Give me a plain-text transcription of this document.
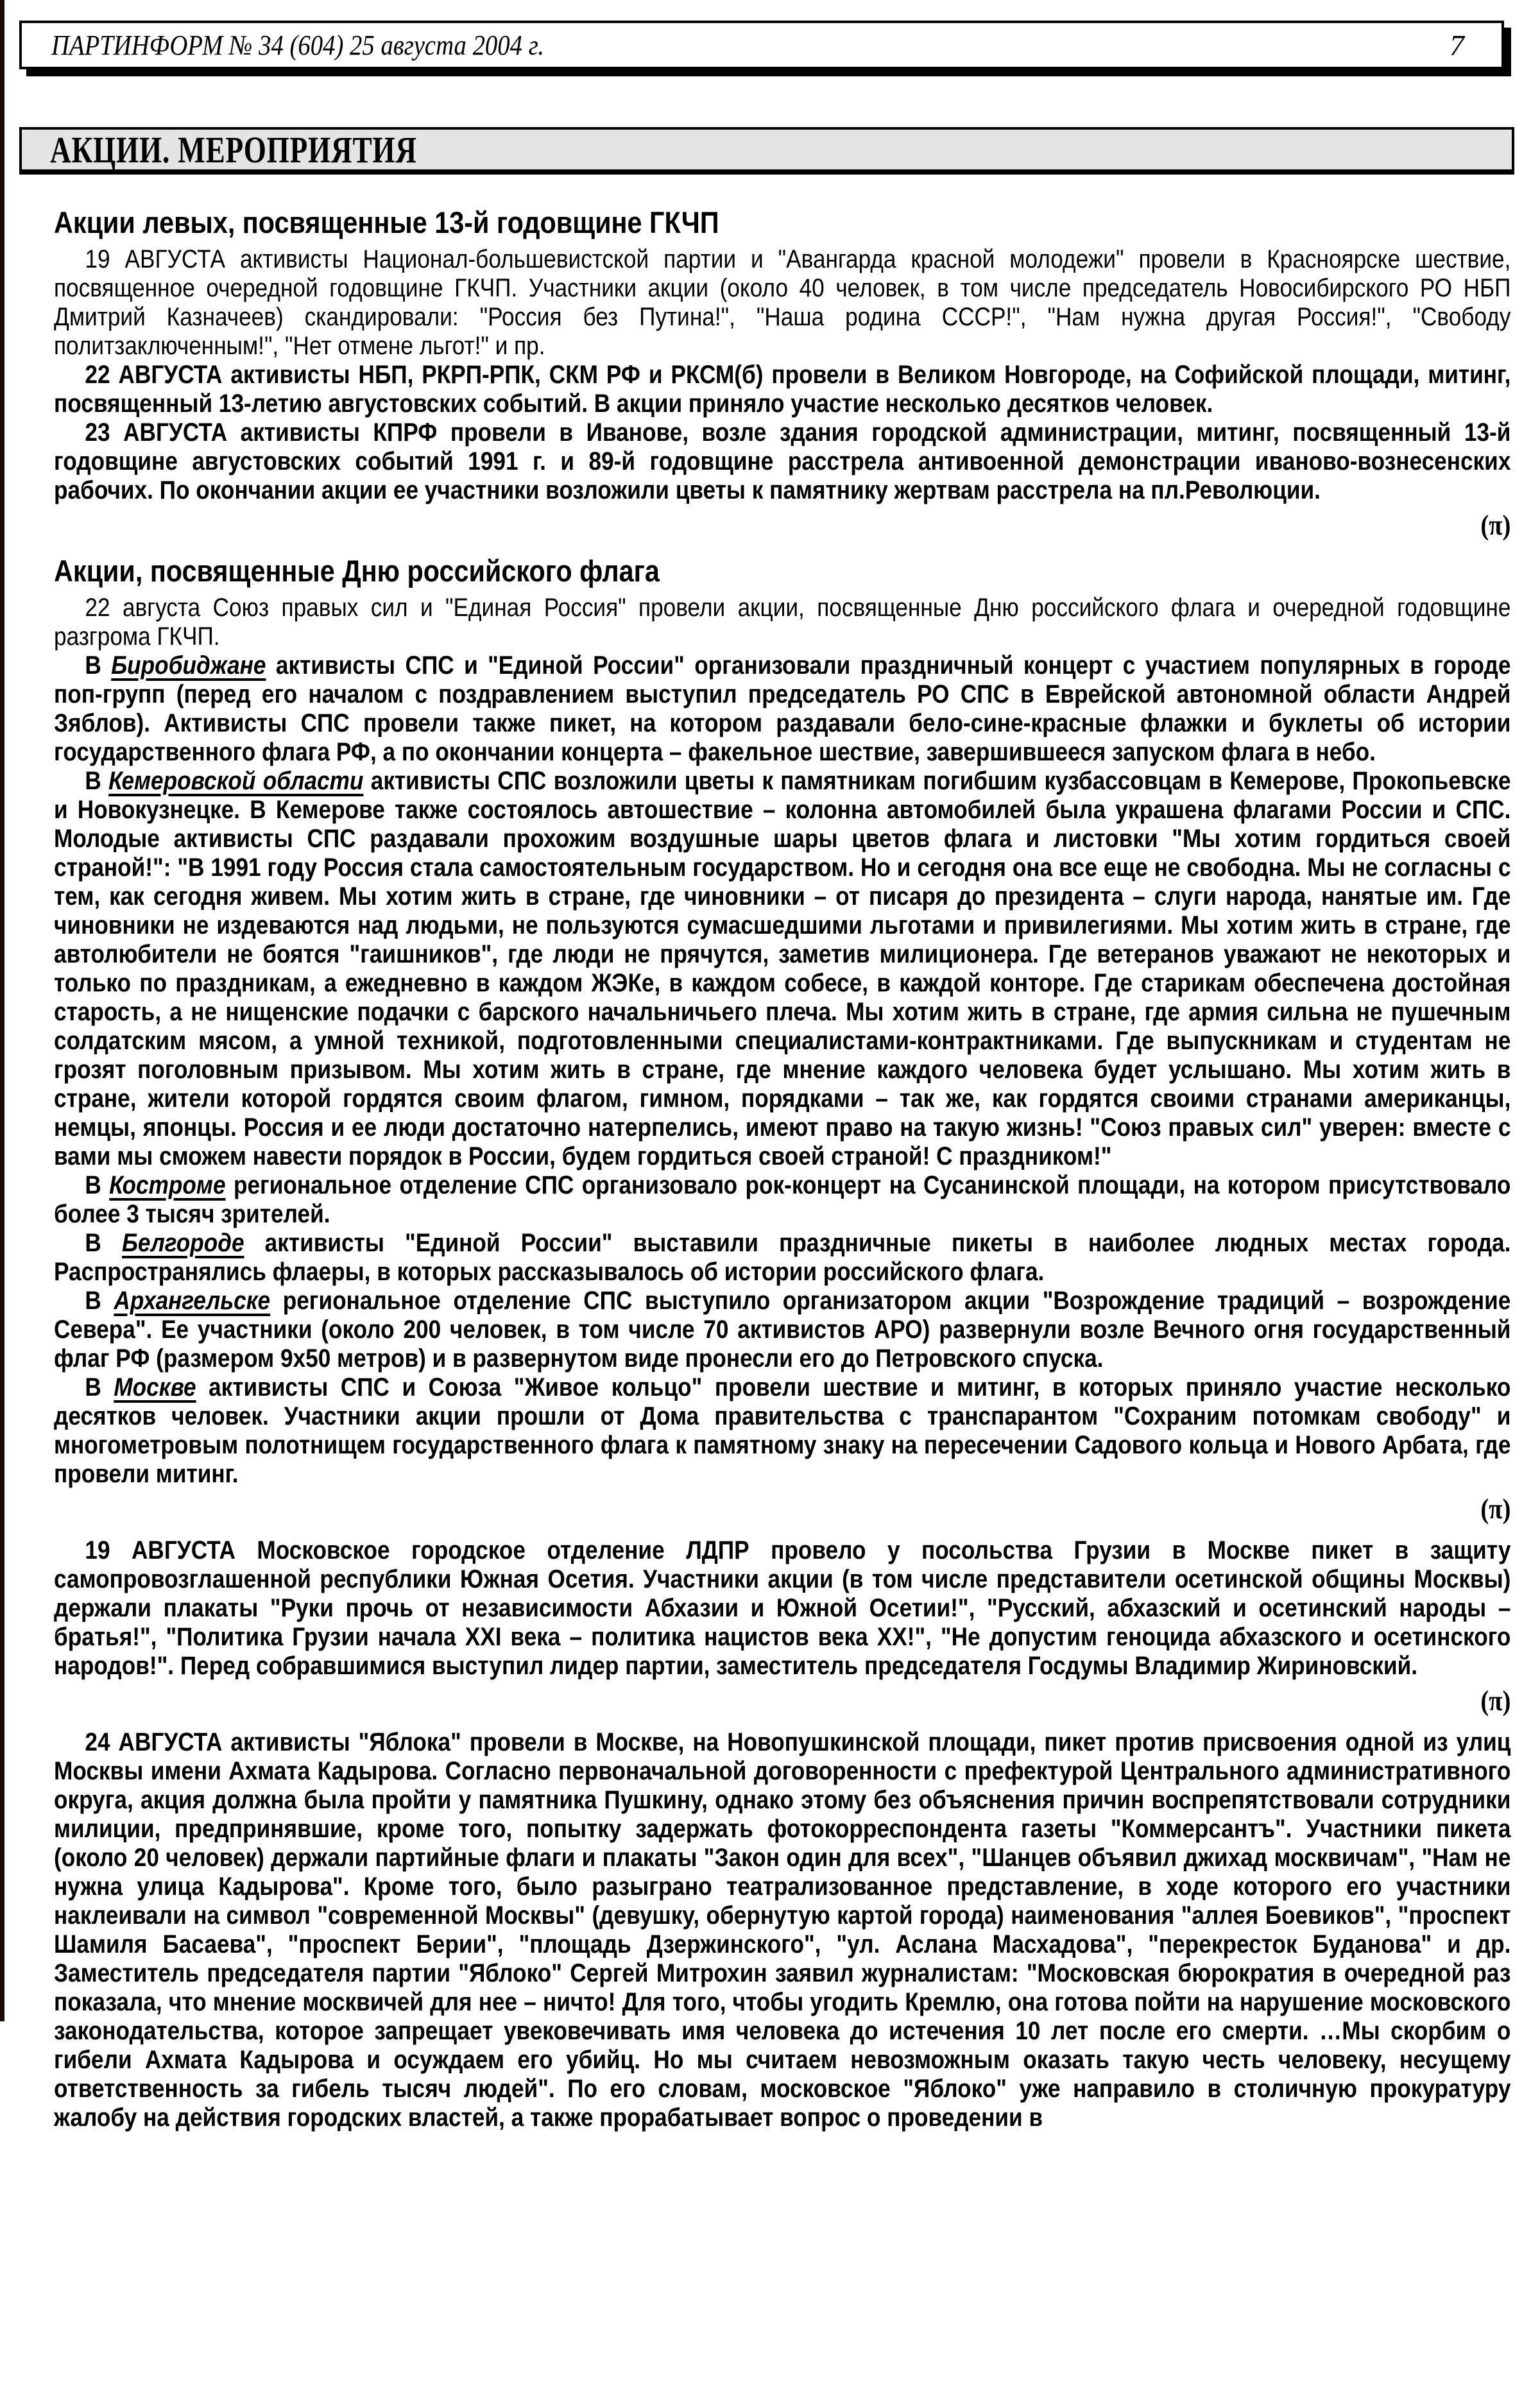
ПАРТИНФОРМ № 34 (604) 25 августа 2004 г.	7
АКЦИИ. МЕРОПРИЯТИЯ
Акции левых, посвященные 13-й годовщине ГКЧП

19 АВГУСТА активисты Национал-большевистской партии и "Авангарда красной молодежи" провели в Красноярске шествие, посвященное очередной годовщине ГКЧП. Участники акции (около 40 человек, в том числе председатель Новосибирского РО НБП Дмитрий Казначеев) скандировали: "Россия без Путина!", "Наша родина СССР!", "Нам нужна другая Россия!", "Свободу политзаключенным!", "Нет отмене льгот!" и пр.

22 АВГУСТА активисты НБП, РКРП-РПК, СКМ РФ и РКСМ(б) провели в Великом Новгороде, на Софийской площади, митинг, посвященный 13-летию августовских событий. В акции приняло участие несколько десятков человек.

23 АВГУСТА активисты КПРФ провели в Иванове, возле здания городской администрации, митинг, посвященный 13-й годовщине августовских событий 1991 г. и 89-й годовщине расстрела антивоенной демонстрации иваново-вознесенских рабочих. По окончании акции ее участники возложили цветы к памятнику жертвам расстрела на пл.Революции.

(π)
Акции, посвященные Дню российского флага

22 августа Союз правых сил и "Единая Россия" провели акции, посвященные Дню российского флага и очередной годовщине разгрома ГКЧП.

В Биробиджане активисты СПС и "Единой России" организовали праздничный концерт с участием популярных в городе поп-групп (перед его началом с поздравлением выступил председатель РО СПС в Еврейской автономной области Андрей Зяблов). Активисты СПС провели также пикет, на котором раздавали бело-сине-красные флажки и буклеты об истории государственного флага РФ, а по окончании концерта – факельное шествие, завершившееся запуском флага в небо.

В Кемеровской области активисты СПС возложили цветы к памятникам погибшим кузбассовцам в Кемерове, Прокопьевске и Новокузнецке. В Кемерове также состоялось автошествие – колонна автомобилей была украшена флагами России и СПС. Молодые активисты СПС раздавали прохожим воздушные шары цветов флага и листовки "Мы хотим гордиться своей страной!": "В 1991 году Россия стала самостоятельным государством. Но и сегодня она все еще не свободна. Мы не согласны с тем, как сегодня живем. Мы хотим жить в стране, где чиновники – от писаря до президента – слуги народа, нанятые им. Где чиновники не издеваются над людьми, не пользуются сумасшедшими льготами и привилегиями. Мы хотим жить в стране, где автолюбители не боятся "гаишников", где люди не прячутся, заметив милиционера. Где ветеранов уважают не некоторых и только по праздникам, а ежедневно в каждом ЖЭКе, в каждом собесе, в каждой конторе. Где старикам обеспечена достойная старость, а не нищенские подачки с барского начальничьего плеча. Мы хотим жить в стране, где армия сильна не пушечным солдатским мясом, а умной техникой, подготовленными специалистами-контрактниками. Где выпускникам и студентам не грозят поголовным призывом. Мы хотим жить в стране, где мнение каждого человека будет услышано. Мы хотим жить в стране, жители которой гордятся своим флагом, гимном, порядками – так же, как гордятся своими странами американцы, немцы, японцы. Россия и ее люди достаточно натерпелись, имеют право на такую жизнь! "Союз правых сил" уверен: вместе с вами мы сможем навести порядок в России, будем гордиться своей страной! С праздником!"

В Костроме региональное отделение СПС организовало рок-концерт на Сусанинской площади, на котором присутствовало более 3 тысяч зрителей.

В Белгороде активисты "Единой России" выставили праздничные пикеты в наиболее людных местах города. Распространялись флаеры, в которых рассказывалось об истории российского флага.

В Архангельске региональное отделение СПС выступило организатором акции "Возрождение традиций – возрождение Севера". Ее участники (около 200 человек, в том числе 70 активистов АРО) развернули возле Вечного огня государственный флаг РФ (размером 9х50 метров) и в развернутом виде пронесли его до Петровского спуска.

В Москве активисты СПС и Союза "Живое кольцо" провели шествие и митинг, в которых приняло участие несколько десятков человек. Участники акции прошли от Дома правительства с транспарантом "Сохраним потомкам свободу" и многометровым полотнищем государственного флага к памятному знаку на пересечении Садового кольца и Нового Арбата, где провели митинг.

(π)

19 АВГУСТА Московское городское отделение ЛДПР провело у посольства Грузии в Москве пикет в защиту самопровозглашенной республики Южная Осетия. Участники акции (в том числе представители осетинской общины Москвы) держали плакаты "Руки прочь от независимости Абхазии и Южной Осетии!", "Русский, абхазский и осетинский народы – братья!", "Политика Грузии начала XXI века – политика нацистов века XX!", "Не допустим геноцида абхазского и осетинского народов!". Перед собравшимися выступил лидер партии, заместитель председателя Госдумы Владимир Жириновский.

(π)

24 АВГУСТА активисты "Яблока" провели в Москве, на Новопушкинской площади, пикет против присвоения одной из улиц Москвы имени Ахмата Кадырова. Согласно первоначальной договоренности с префектурой Центрального административного округа, акция должна была пройти у памятника Пушкину, однако этому без объяснения причин воспрепятствовали сотрудники милиции, предпринявшие, кроме того, попытку задержать фотокорреспондента газеты "Коммерсантъ". Участники пикета (около 20 человек) держали партийные флаги и плакаты "Закон один для всех", "Шанцев объявил джихад москвичам", "Нам не нужна улица Кадырова". Кроме того, было разыграно театрализованное представление, в ходе которого его участники наклеивали на символ "современной Москвы" (девушку, обернутую картой города) наименования "аллея Боевиков", "проспект Шамиля Басаева", "проспект Берии", "площадь Дзержинского", "ул. Аслана Масхадова", "перекресток Буданова" и др. Заместитель председателя партии "Яблоко" Сергей Митрохин заявил журналистам: "Московская бюрократия в очередной раз показала, что мнение москвичей для нее – ничто! Для того, чтобы угодить Кремлю, она готова пойти на нарушение московского законодательства, которое запрещает увековечивать имя человека до истечения 10 лет после его смерти. …Мы скорбим о гибели Ахмата Кадырова и осуждаем его убийц. Но мы считаем невозможным оказать такую честь человеку, несущему ответственность за гибель тысяч людей". По его словам, московское "Яблоко" уже направило в столичную прокуратуру жалобу на действия городских властей, а также прорабатывает вопрос о проведении в
